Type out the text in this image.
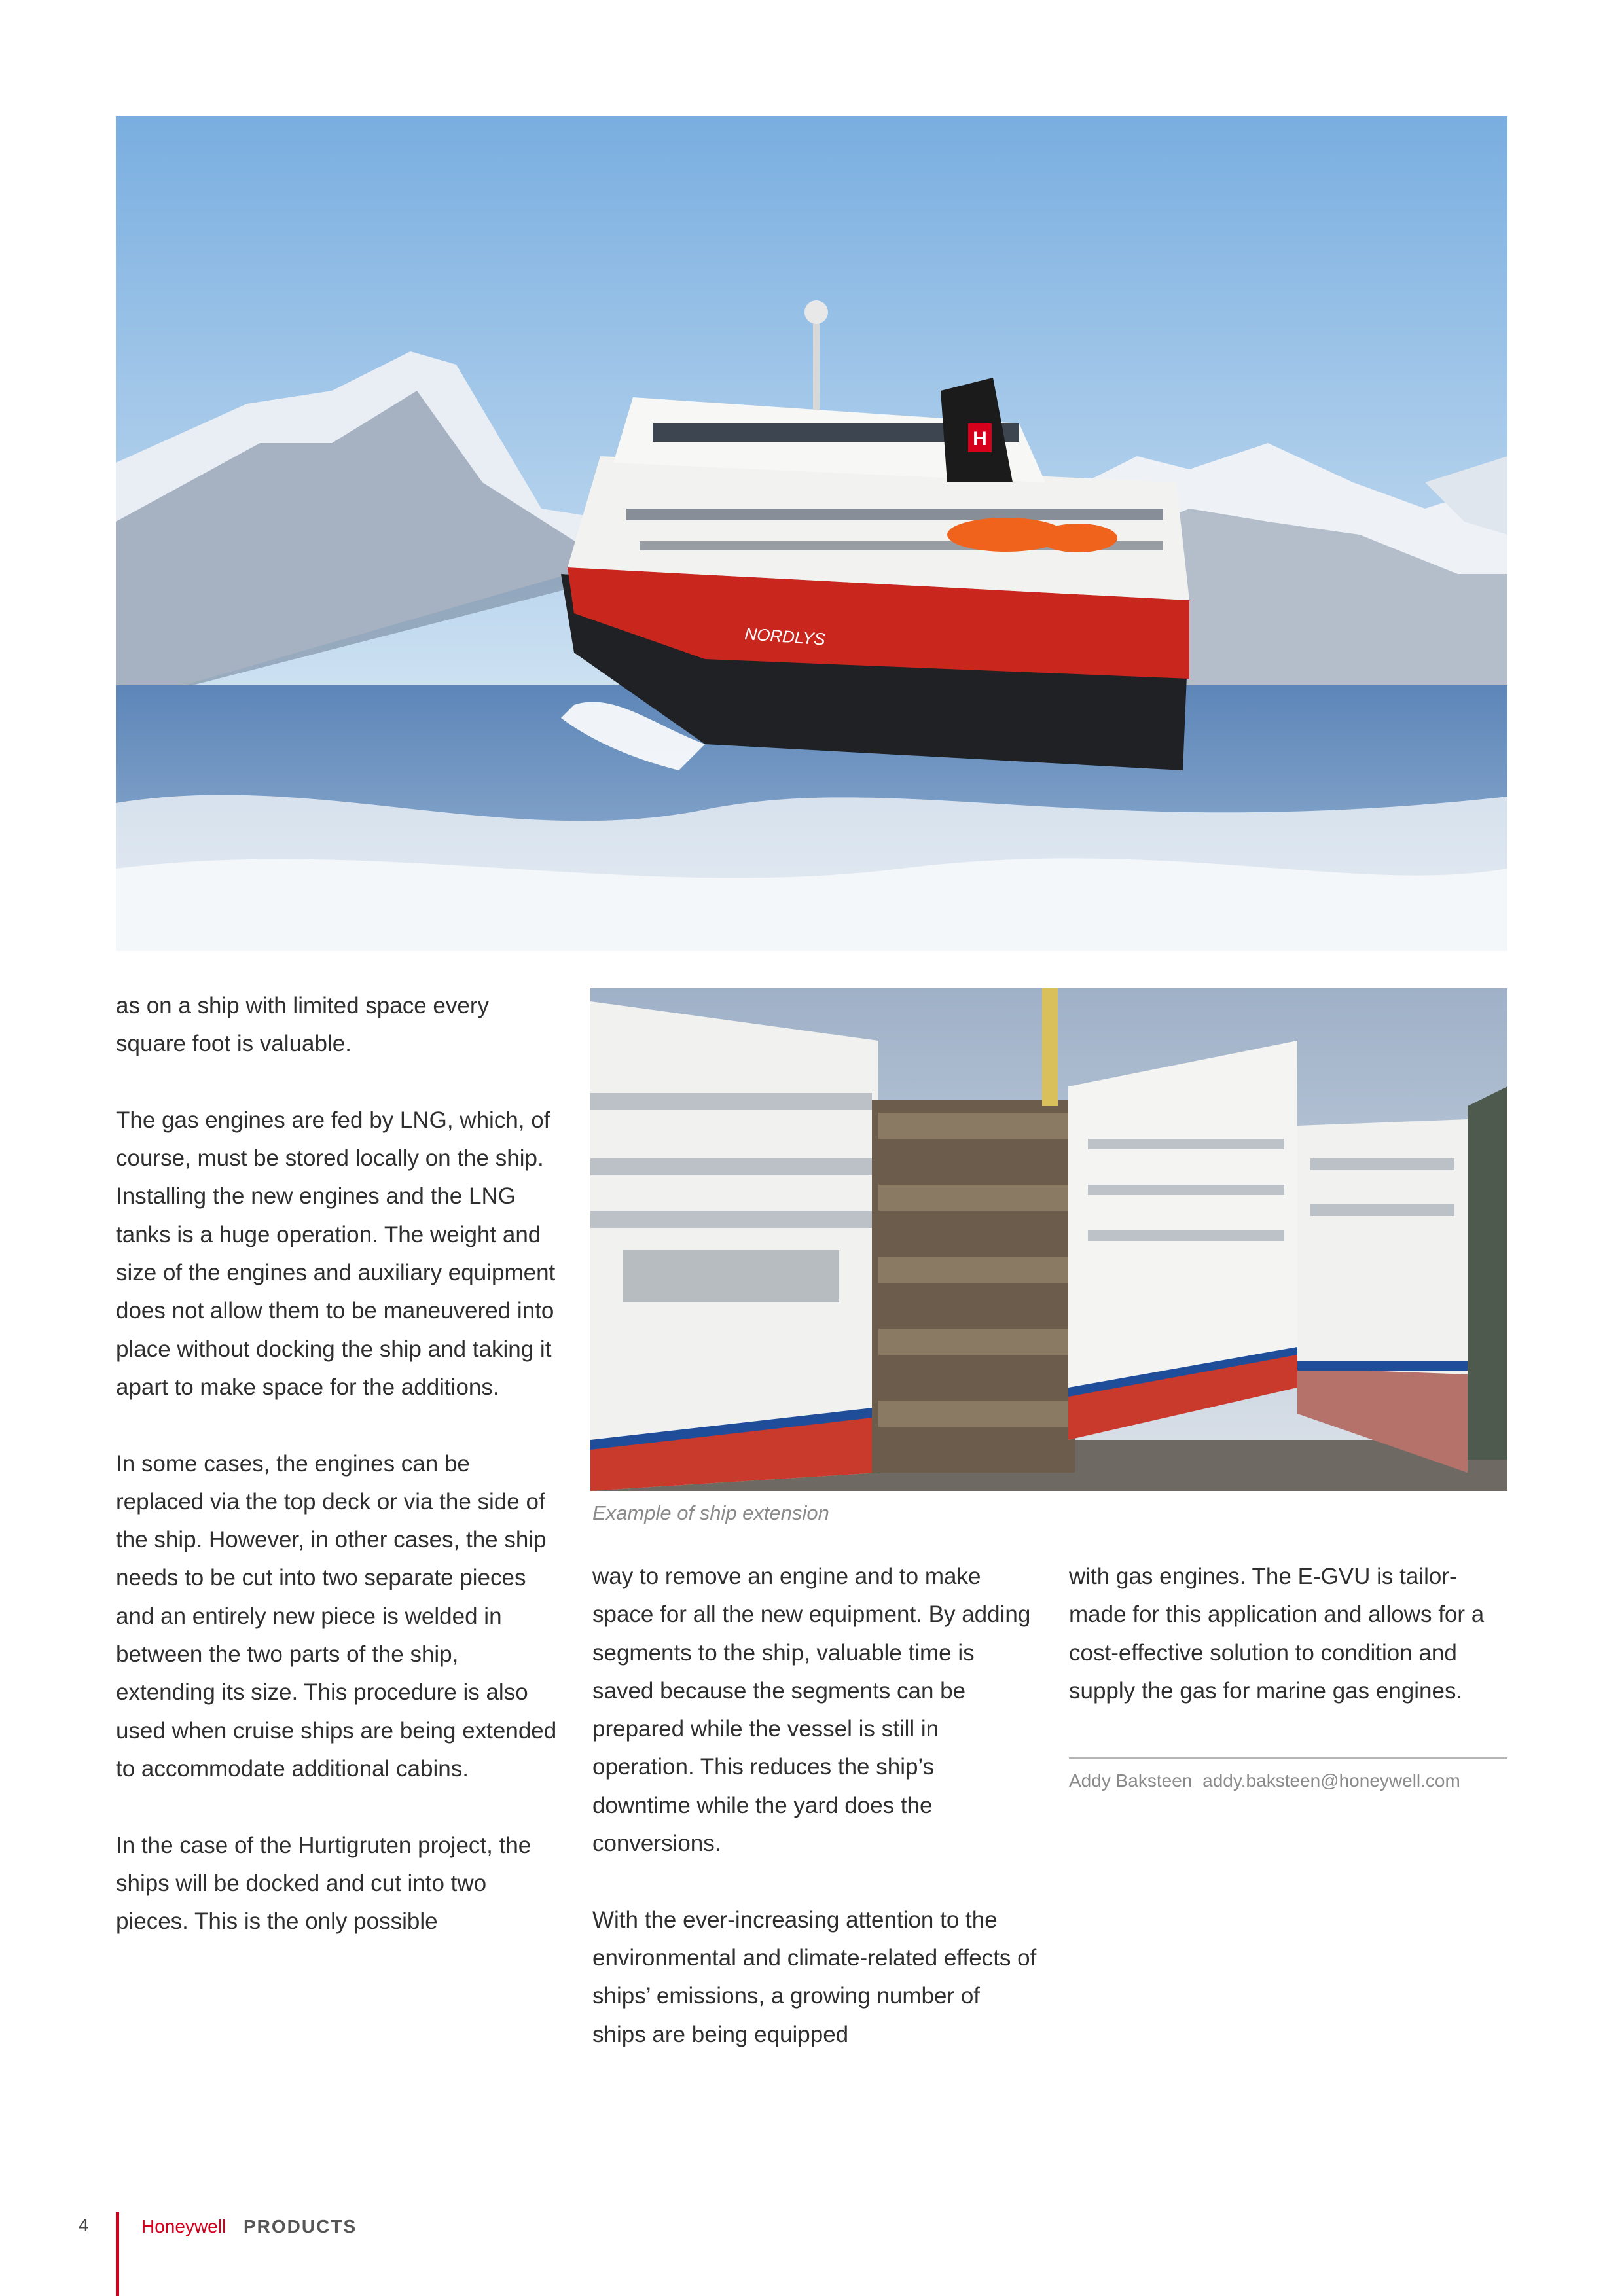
H
NORDLYS

as on a ship with limited space every square foot is valuable.

The gas engines are fed by LNG, which, of course, must be stored locally on the ship. Installing the new engines and the LNG tanks is a huge operation. The weight and size of the engines and auxiliary equipment does not allow them to be maneuvered into place without docking the ship and taking it apart to make space for the additions.

In some cases, the engines can be replaced via the top deck or via the side of the ship. However, in other cases, the ship needs to be cut into two separate pieces and an entirely new piece is welded in between the two parts of the ship, extending its size. This procedure is also used when cruise ships are being extended to accommodate additional cabins.

In the case of the Hurtigruten project, the ships will be docked and cut into two pieces. This is the only possible

Example of ship extension

way to remove an engine and to make space for all the new equipment. By adding segments to the ship, valuable time is saved because the segments can be prepared while the vessel is still in operation. This reduces the ship’s downtime while the yard does the conversions.

With the ever-increasing attention to the environmental and climate-related effects of ships’ emissions, a growing number of ships are being equipped

with gas engines. The E-GVU is tailor-made for this application and allows for a cost-effective solution to condition and supply the gas for marine gas engines.

Addy Baksteen addy.baksteen@honeywell.com
4	Honeywell PRODUCTS
